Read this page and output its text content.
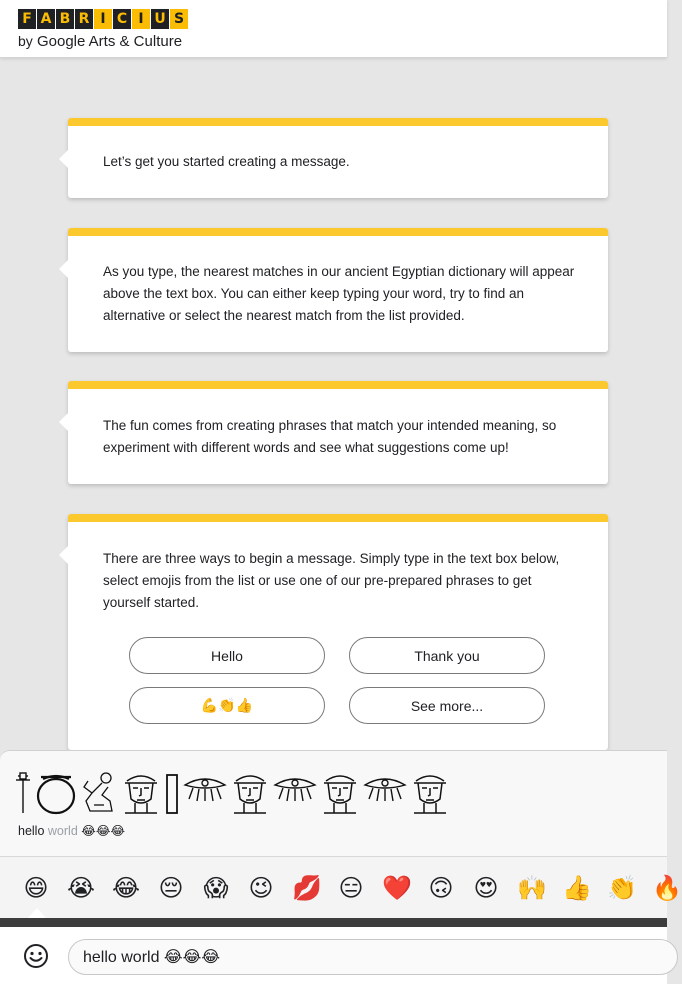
F A B R I C I U S
by Google Arts & Culture

Let’s get you started creating a message.

As you type, the nearest matches in our ancient Egyptian dictionary will appear above the text box. You can either keep typing your word, try to find an alternative or select the nearest match from the list provided.

The fun comes from creating phrases that match your intended meaning, so experiment with different words and see what suggestions come up!

There are three ways to begin a message. Simply type in the text box below, select emojis from the list or use one of our pre-prepared phrases to get yourself started.

Hello	Thank you
💪👏👍	See more...
hello world 😂😂😂
😄 😭 😂 😔 😱 😉 💋 😑 ❤️ 🙃 😍 🙌 👍 👏 🔥
hello world 😂😂😂
